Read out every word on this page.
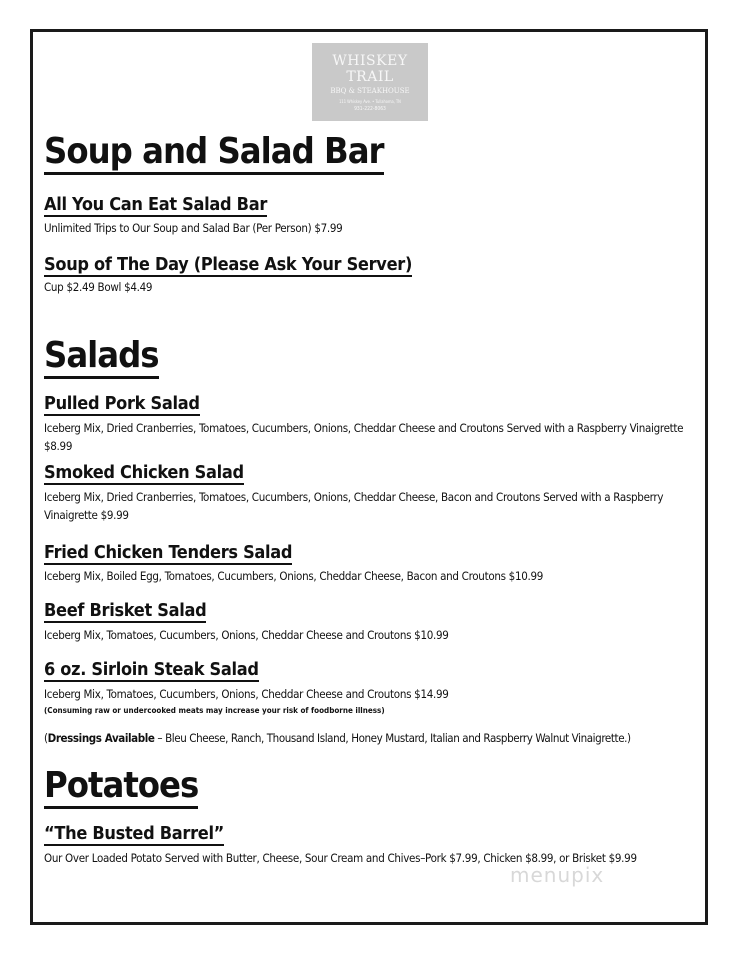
WHISKEY TRAIL
BBQ & STEAKHOUSE
111 Whiskey Ave. • Tullahoma, TN
931-222-8063
Soup and Salad Bar
All You Can Eat Salad Bar
Unlimited Trips to Our Soup and Salad Bar (Per Person) $7.99
Soup of The Day (Please Ask Your Server)
Cup $2.49 Bowl $4.49
Salads
Pulled Pork Salad
Iceberg Mix, Dried Cranberries, Tomatoes, Cucumbers, Onions, Cheddar Cheese and Croutons Served with a Raspberry Vinaigrette $8.99
Smoked Chicken Salad
Iceberg Mix, Dried Cranberries, Tomatoes, Cucumbers, Onions, Cheddar Cheese, Bacon and Croutons Served with a Raspberry Vinaigrette $9.99
Fried Chicken Tenders Salad
Iceberg Mix, Boiled Egg, Tomatoes, Cucumbers, Onions, Cheddar Cheese, Bacon and Croutons $10.99
Beef Brisket Salad
Iceberg Mix, Tomatoes, Cucumbers, Onions, Cheddar Cheese and Croutons $10.99
6 oz. Sirloin Steak Salad
Iceberg Mix, Tomatoes, Cucumbers, Onions, Cheddar Cheese and Croutons $14.99
(Consuming raw or undercooked meats may increase your risk of foodborne illness)
(Dressings Available – Bleu Cheese, Ranch, Thousand Island, Honey Mustard, Italian and Raspberry Walnut Vinaigrette.)
Potatoes
“The Busted Barrel”
Our Over Loaded Potato Served with Butter, Cheese, Sour Cream and Chives–Pork $7.99, Chicken $8.99, or Brisket $9.99
menupix
